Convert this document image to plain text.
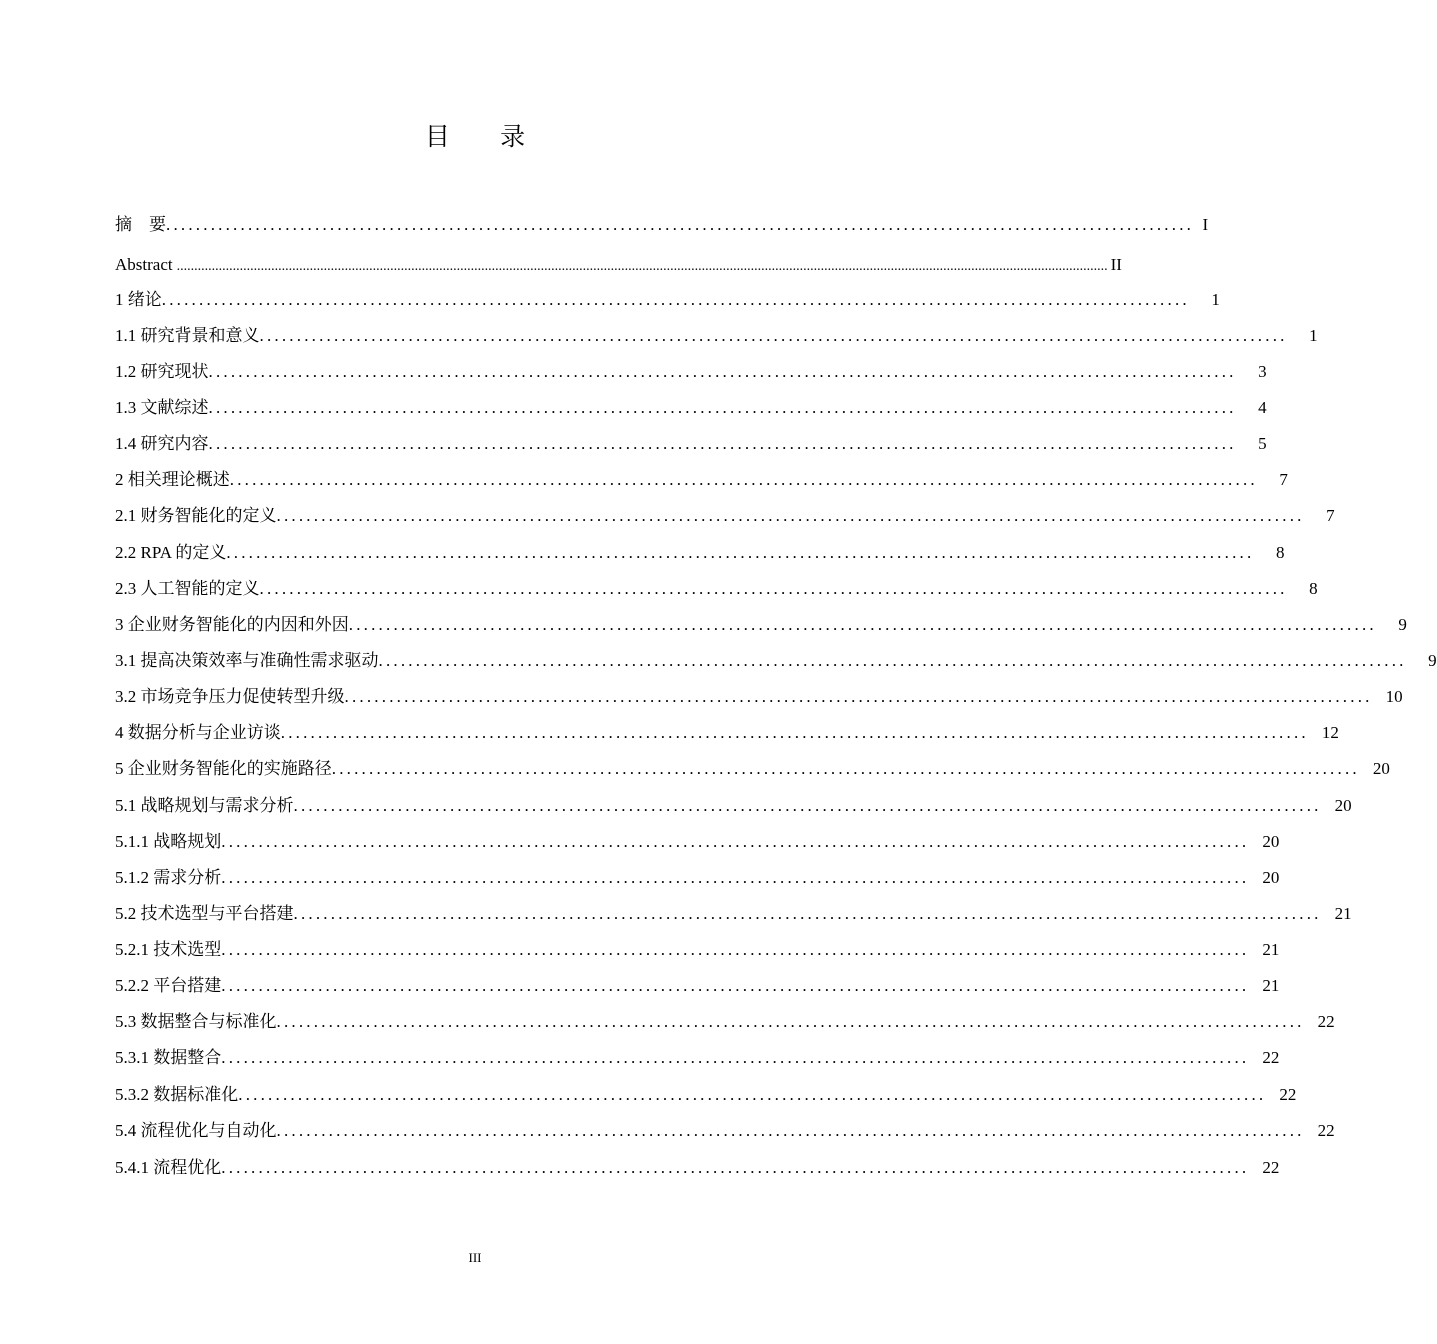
目 录
摘　要 .......................................................................................................................................... I
Abstract .......................................................................................................................................................................................................................................................................... II
1 绪论 ..........................................................................................................................................	1
1.1 研究背景和意义 ..........................................................................................................................................	1
1.2 研究现状 ..........................................................................................................................................	3
1.3 文献综述 ..........................................................................................................................................	4
1.4 研究内容 ..........................................................................................................................................	5
2 相关理论概述 ..........................................................................................................................................	7
2.1 财务智能化的定义 ..........................................................................................................................................	7
2.2 RPA 的定义 ..........................................................................................................................................	8
2.3 人工智能的定义 ..........................................................................................................................................	8
3 企业财务智能化的内因和外因 ..........................................................................................................................................	9
3.1 提高决策效率与准确性需求驱动 ..........................................................................................................................................	9
3.2 市场竞争压力促使转型升级 .......................................................................................................................................... 10
4 数据分析与企业访谈 .......................................................................................................................................... 12
5 企业财务智能化的实施路径 .......................................................................................................................................... 20
5.1 战略规划与需求分析 .......................................................................................................................................... 20
5.1.1 战略规划 .......................................................................................................................................... 20
5.1.2 需求分析 .......................................................................................................................................... 20
5.2 技术选型与平台搭建 .......................................................................................................................................... 21
5.2.1 技术选型 .......................................................................................................................................... 21
5.2.2 平台搭建 .......................................................................................................................................... 21
5.3 数据整合与标准化 .......................................................................................................................................... 22
5.3.1 数据整合 .......................................................................................................................................... 22
5.3.2 数据标准化 .......................................................................................................................................... 22
5.4 流程优化与自动化 .......................................................................................................................................... 22
5.4.1 流程优化 .......................................................................................................................................... 22
III
